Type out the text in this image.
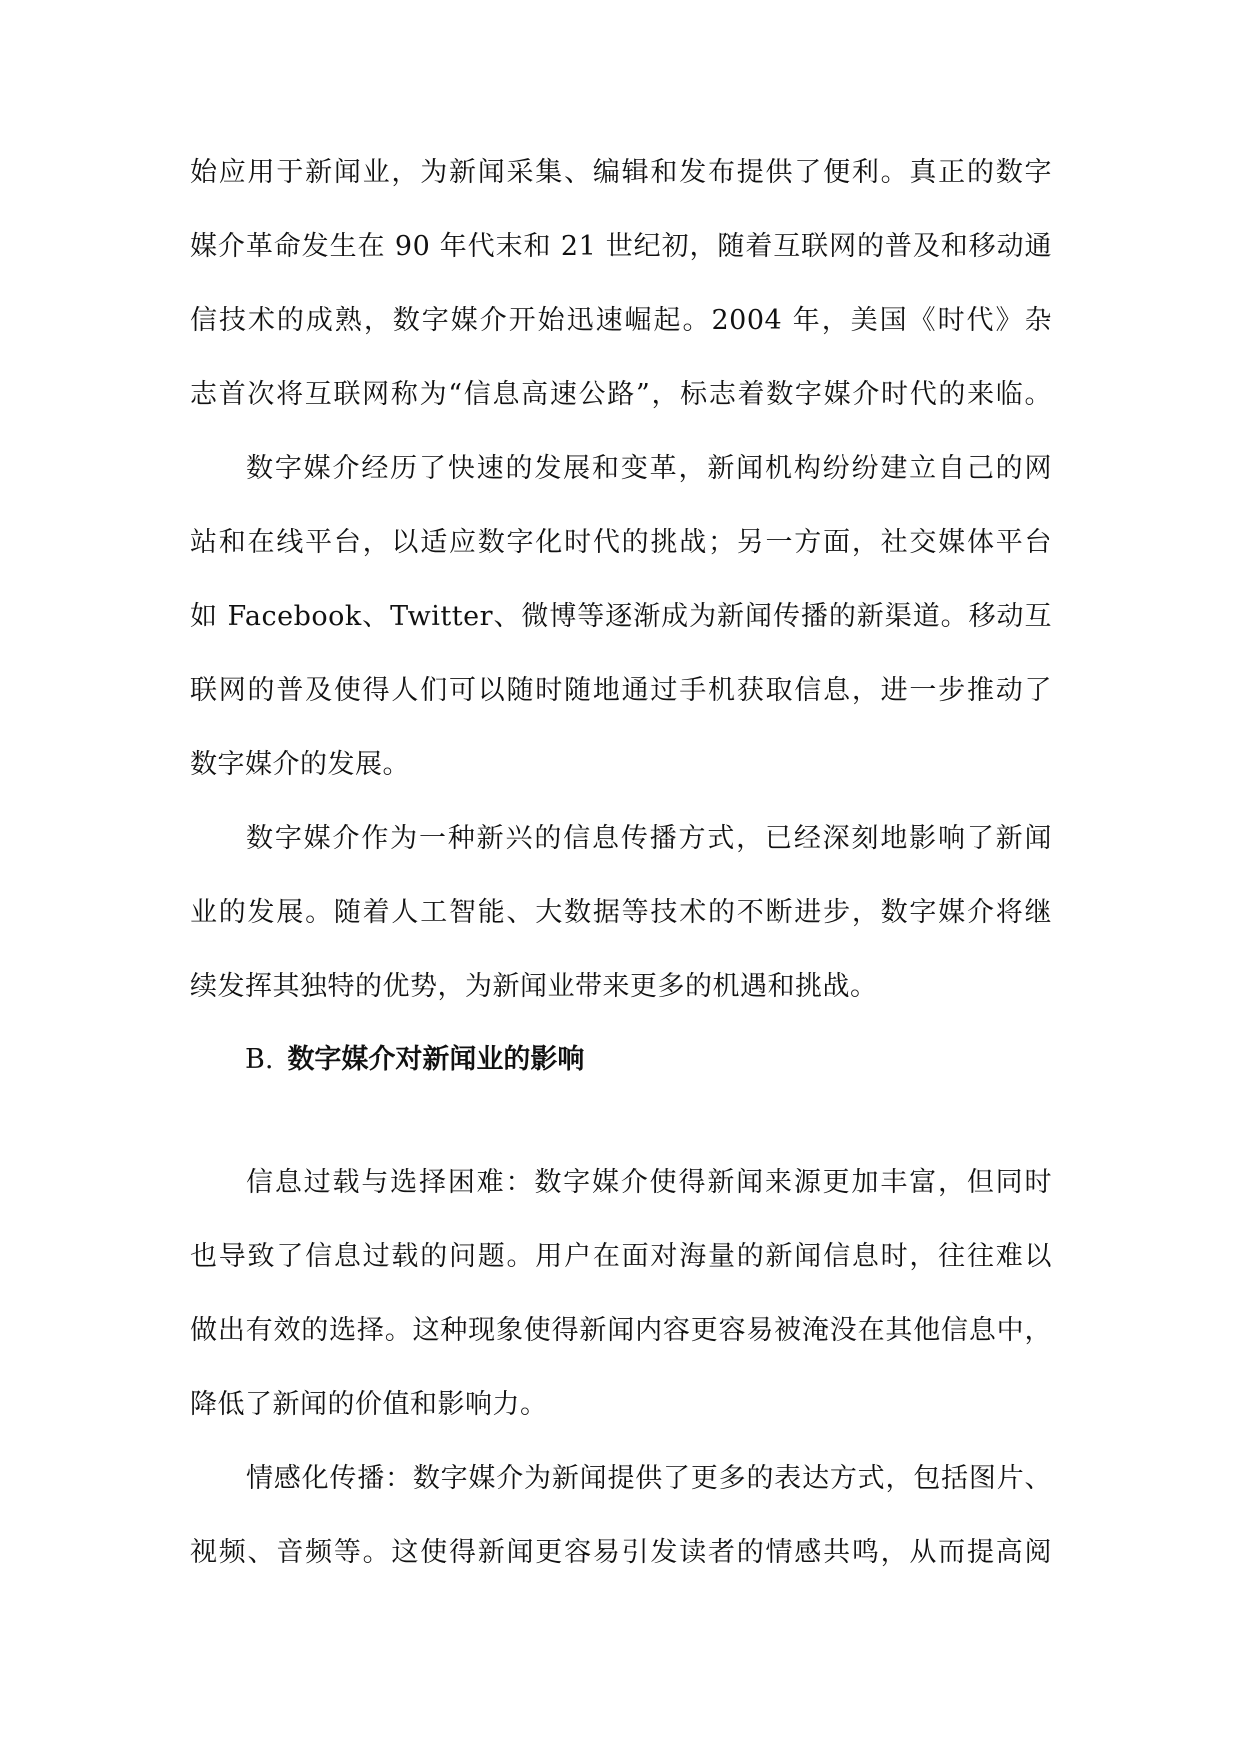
始应用于新闻业，为新闻采集、编辑和发布提供了便利。真正的数字
媒介革命发生在 90 年代末和 21 世纪初，随着互联网的普及和移动通
信技术的成熟，数字媒介开始迅速崛起。2004 年，美国《时代》杂
志首次将互联网称为“信息高速公路”，标志着数字媒介时代的来临。
数字媒介经历了快速的发展和变革，新闻机构纷纷建立自己的网
站和在线平台，以适应数字化时代的挑战；另一方面，社交媒体平台
如 Facebook、Twitter、微博等逐渐成为新闻传播的新渠道。移动互
联网的普及使得人们可以随时随地通过手机获取信息，进一步推动了
数字媒介的发展。
数字媒介作为一种新兴的信息传播方式，已经深刻地影响了新闻
业的发展。随着人工智能、大数据等技术的不断进步，数字媒介将继
续发挥其独特的优势，为新闻业带来更多的机遇和挑战。
B. 数字媒介对新闻业的影响
信息过载与选择困难：数字媒介使得新闻来源更加丰富，但同时
也导致了信息过载的问题。用户在面对海量的新闻信息时，往往难以
做出有效的选择。这种现象使得新闻内容更容易被淹没在其他信息中，
降低了新闻的价值和影响力。
情感化传播：数字媒介为新闻提供了更多的表达方式，包括图片、
视频、音频等。这使得新闻更容易引发读者的情感共鸣，从而提高阅
